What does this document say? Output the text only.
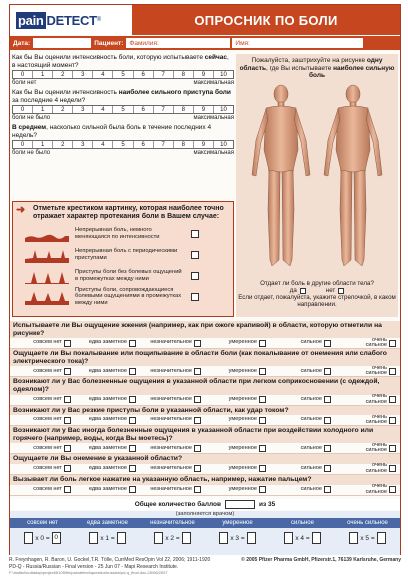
pain DETECT ®	ОПРОСНИК ПО БОЛИ
Дата:	Пациент: Фамилия:	Имя:
Как бы Вы оценили интенсивность боли, которую испытываете сейчас, в настоящий момент?
0	1	2	3	4	5	6	7	8	9	10
боли нет	максимальная
Как бы Вы оценили интенсивность наиболее сильного приступа боли за последние 4 недели?
0	1	2	3	4	5	6	7	8	9	10
боли не было	максимальная
В среднем, насколько сильной была боль в течение последних 4 недель?
0	1	2	3	4	5	6	7	8	9	10
боли не было	максимальная
➜ Отметьте крестиком картинку, которая наиболее точно отражает характер протекания боли в Вашем случае:
Непрерывная боль, немного меняющаяся по интенсивности
Непрерывная боль с периодическими приступами
Приступы боли без болевых ощущений в промежутках между ними
Приступы боли, сопровождающиеся болевыми ощущениями в промежутках между ними
Пожалуйста, заштрихуйте на рисунке одну область, где Вы испытываете наиболее сильную боль
Отдает ли боль в другие области тела?
да	нет
Если отдает, пожалуйста, укажите стрелочкой, в каком направлении.
Испытываете ли Вы ощущение жжения (например, как при ожоге крапивой) в области, которую отметили на рисунке?
совсем нет	едва заметное	незначительное	умеренное	сильное	очень сильное
Ощущаете ли Вы покалывание или пощипывание в области боли (как покалывание от онемения или слабого электрического тока)?
совсем нет	едва заметное	незначительное	умеренное	сильное	очень сильное
Возникают ли у Вас болезненные ощущения в указанной области при легком соприкосновении (с одеждой, одеялом)?
совсем нет	едва заметное	незначительное	умеренное	сильное	очень сильное
Возникают ли у Вас резкие приступы боли в указанной области, как удар током?
совсем нет	едва заметное	незначительное	умеренное	сильное	очень сильное
Возникают ли у Вас иногда болезненные ощущения в указанной области при воздействии холодного или горячего (например, воды, когда Вы моетесь)?
совсем нет	едва заметное	незначительное	умеренное	сильное	очень сильное
Ощущаете ли Вы онемение в указанной области?
совсем нет	едва заметное	незначительное	умеренное	сильное	очень сильное
Вызывает ли боль легкое нажатие на указанную область, например, нажатие пальцем?
совсем нет	едва заметное	незначительное	умеренное	сильное	очень сильное
Общее количество баллов	из 35
(заполняется врачом)
совсем нет	едва заметное	незначительное	умеренное	сильное	очень сильное
x 0 = 0	x 1 =	x 2 =	x 3 =	x 4 =	x 5 =
R. Freynhagen, R. Baron, U. Gockel,T.R. Tölle, CurrMed ResOpin Vol 22, 2006; 1911-1920	© 2005 Pfizer Pharma GmbH, Pfizerstr.1, 76139 Karlsruhe, Germany
PD-Q - Russia/Russian - Final version - 25 Jun 07 - Mapi Research Institute.
F:\Institut\cultadap\project\6105\fin\paindetect\question\russian\pd-q_final.doc-25/06/2007
